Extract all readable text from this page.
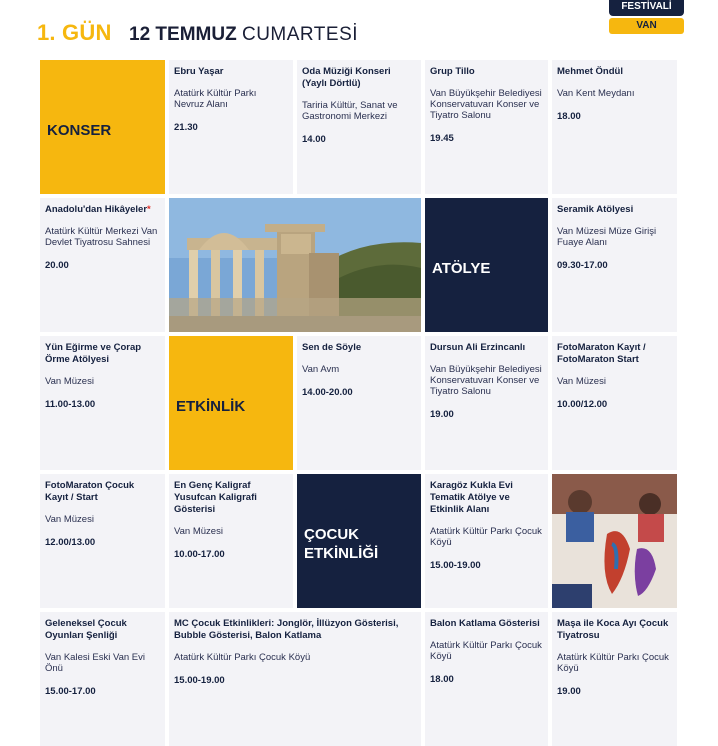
1. GÜN 12 TEMMUZ CUMARTESİ
FESTİVALİ
VAN
KONSER
Ebru Yaşar
Atatürk Kültür Parkı Nevruz Alanı
21.30
Oda Müziği Konseri (Yaylı Dörtlü)
Tariria Kültür, Sanat ve Gastronomi Merkezi
14.00
Grup Tillo
Van Büyükşehir Belediyesi Konservatuvarı Konser ve Tiyatro Salonu
19.45
Mehmet Öndül
Van Kent Meydanı
18.00
Anadolu'dan Hikâyeler*
Atatürk Kültür Merkezi Van Devlet Tiyatrosu Sahnesi
20.00	ATÖLYE
Seramik Atölyesi
Van Müzesi Müze Girişi Fuaye Alanı
09.30-17.00
Yün Eğirme ve Çorap Örme Atölyesi
Van Müzesi
11.00-13.00	ETKİNLİK
Sen de Söyle
Van Avm
14.00-20.00
Dursun Ali Erzincanlı
Van Büyükşehir Belediyesi Konservatuvarı Konser ve Tiyatro Salonu
19.00
FotoMaraton Kayıt / FotoMaraton Start
Van Müzesi
10.00/12.00
FotoMaraton Çocuk Kayıt / Start
Van Müzesi
12.00/13.00
En Genç Kaligraf Yusufcan Kaligrafi Gösterisi
Van Müzesi
10.00-17.00
ÇOCUK
ETKİNLİĞİ
Karagöz Kukla Evi Tematik Atölye ve Etkinlik Alanı
Atatürk Kültür Parkı Çocuk Köyü
15.00-19.00
Geleneksel Çocuk Oyunları Şenliği
Van Kalesi Eski Van Evi Önü
15.00-17.00
MC Çocuk Etkinlikleri: Jonglör, İllüzyon Gösterisi, Bubble Gösterisi, Balon Katlama
Atatürk Kültür Parkı Çocuk Köyü
15.00-19.00
Balon Katlama Gösterisi
Atatürk Kültür Parkı Çocuk Köyü
18.00
Maşa ile Koca Ayı Çocuk Tiyatrosu
Atatürk Kültür Parkı Çocuk Köyü
19.00
